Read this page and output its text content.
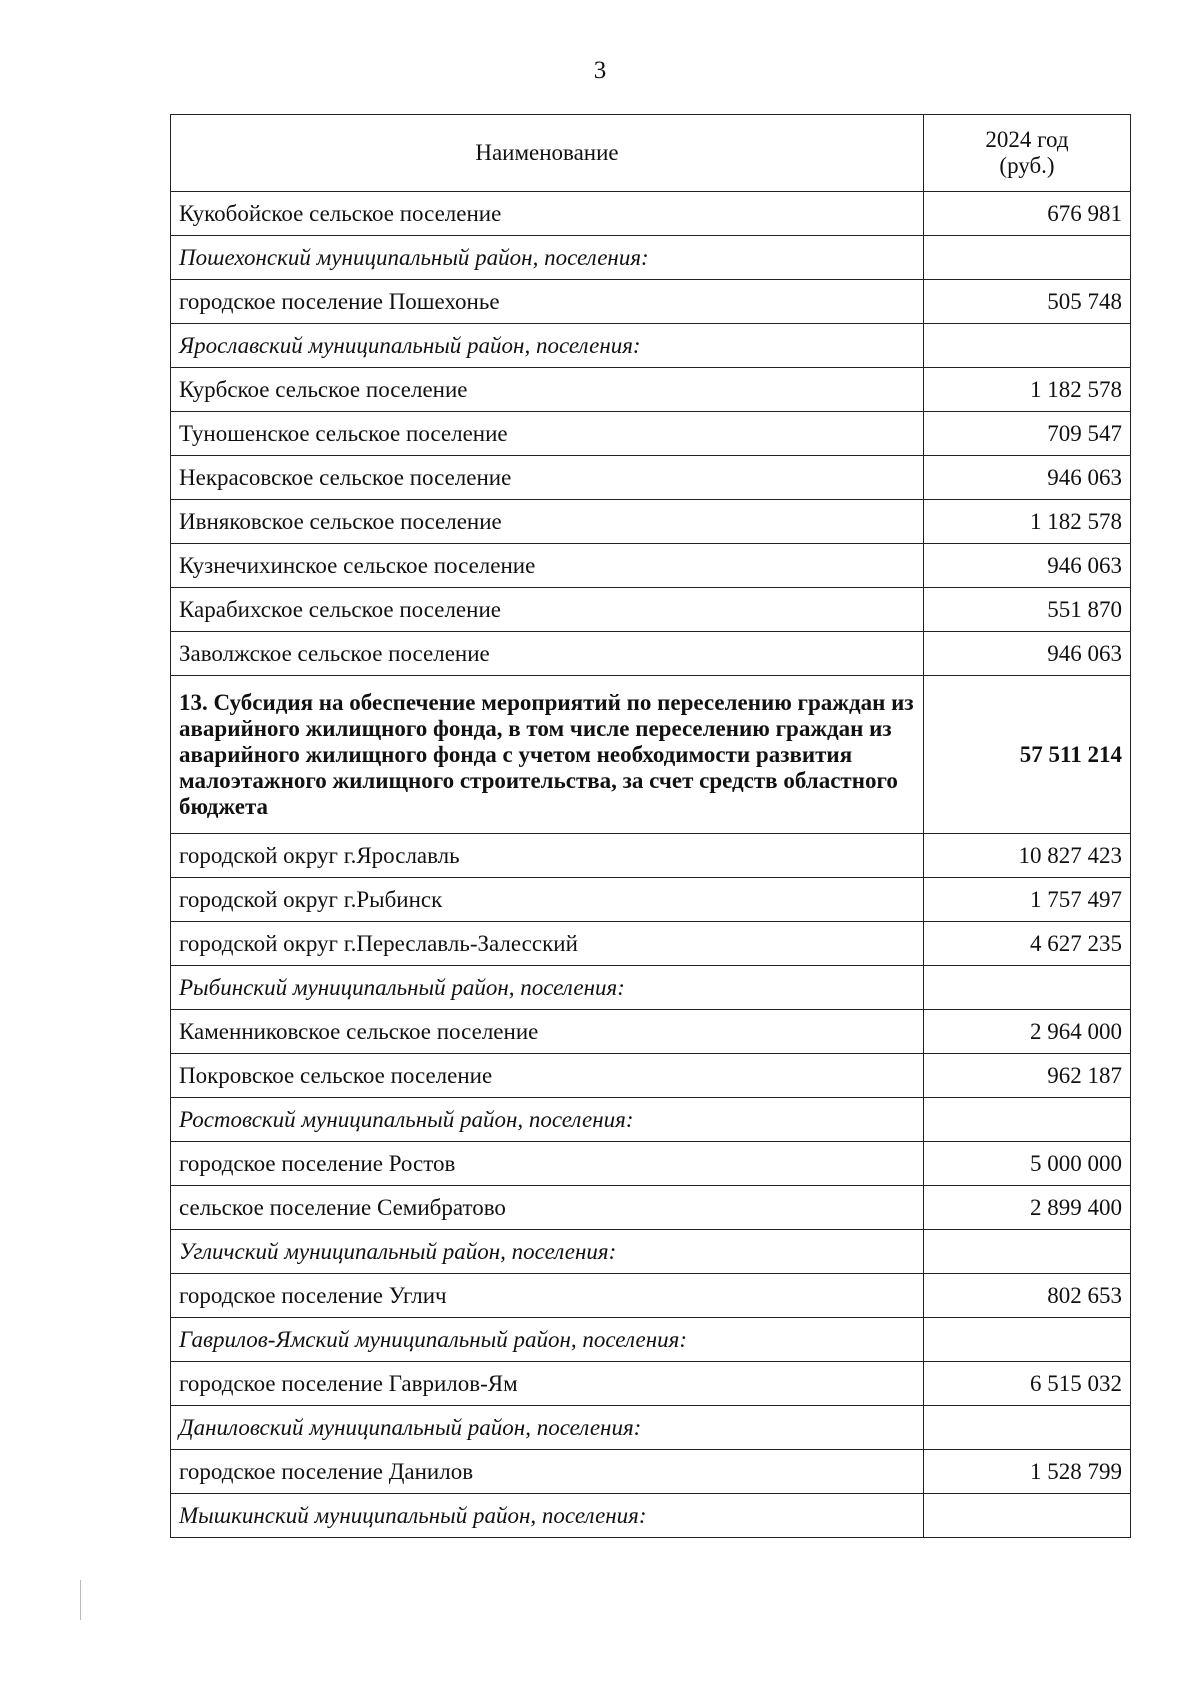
3
Наименование	2024 год
(руб.)

Кукобойское сельское поселение	676 981
Пошехонский муниципальный район, поселения:	
городское поселение Пошехонье	505 748
Ярославский муниципальный район, поселения:	
Курбское сельское поселение	1 182 578
Туношенское сельское поселение	709 547
Некрасовское сельское поселение	946 063
Ивняковское сельское поселение	1 182 578
Кузнечихинское сельское поселение	946 063
Карабихское сельское поселение	551 870
Заволжское сельское поселение	946 063
13. Субсидия на обеспечение мероприятий по переселению граждан из аварийного жилищного фонда, в том числе переселению граждан из аварийного жилищного фонда с учетом необходимости развития малоэтажного жилищного строительства, за счет средств областного бюджета	57 511 214
городской округ г.Ярославль	10 827 423
городской округ г.Рыбинск	1 757 497
городской округ г.Переславль-Залесский	4 627 235
Рыбинский муниципальный район, поселения:	
Каменниковское сельское поселение	2 964 000
Покровское сельское поселение	962 187
Ростовский муниципальный район, поселения:	
городское поселение Ростов	5 000 000
сельское поселение Семибратово	2 899 400
Угличский муниципальный район, поселения:	
городское поселение Углич	802 653
Гаврилов-Ямский муниципальный район, поселения:	
городское поселение Гаврилов-Ям	6 515 032
Даниловский муниципальный район, поселения:	
городское поселение Данилов	1 528 799
Мышкинский муниципальный район, поселения:	
